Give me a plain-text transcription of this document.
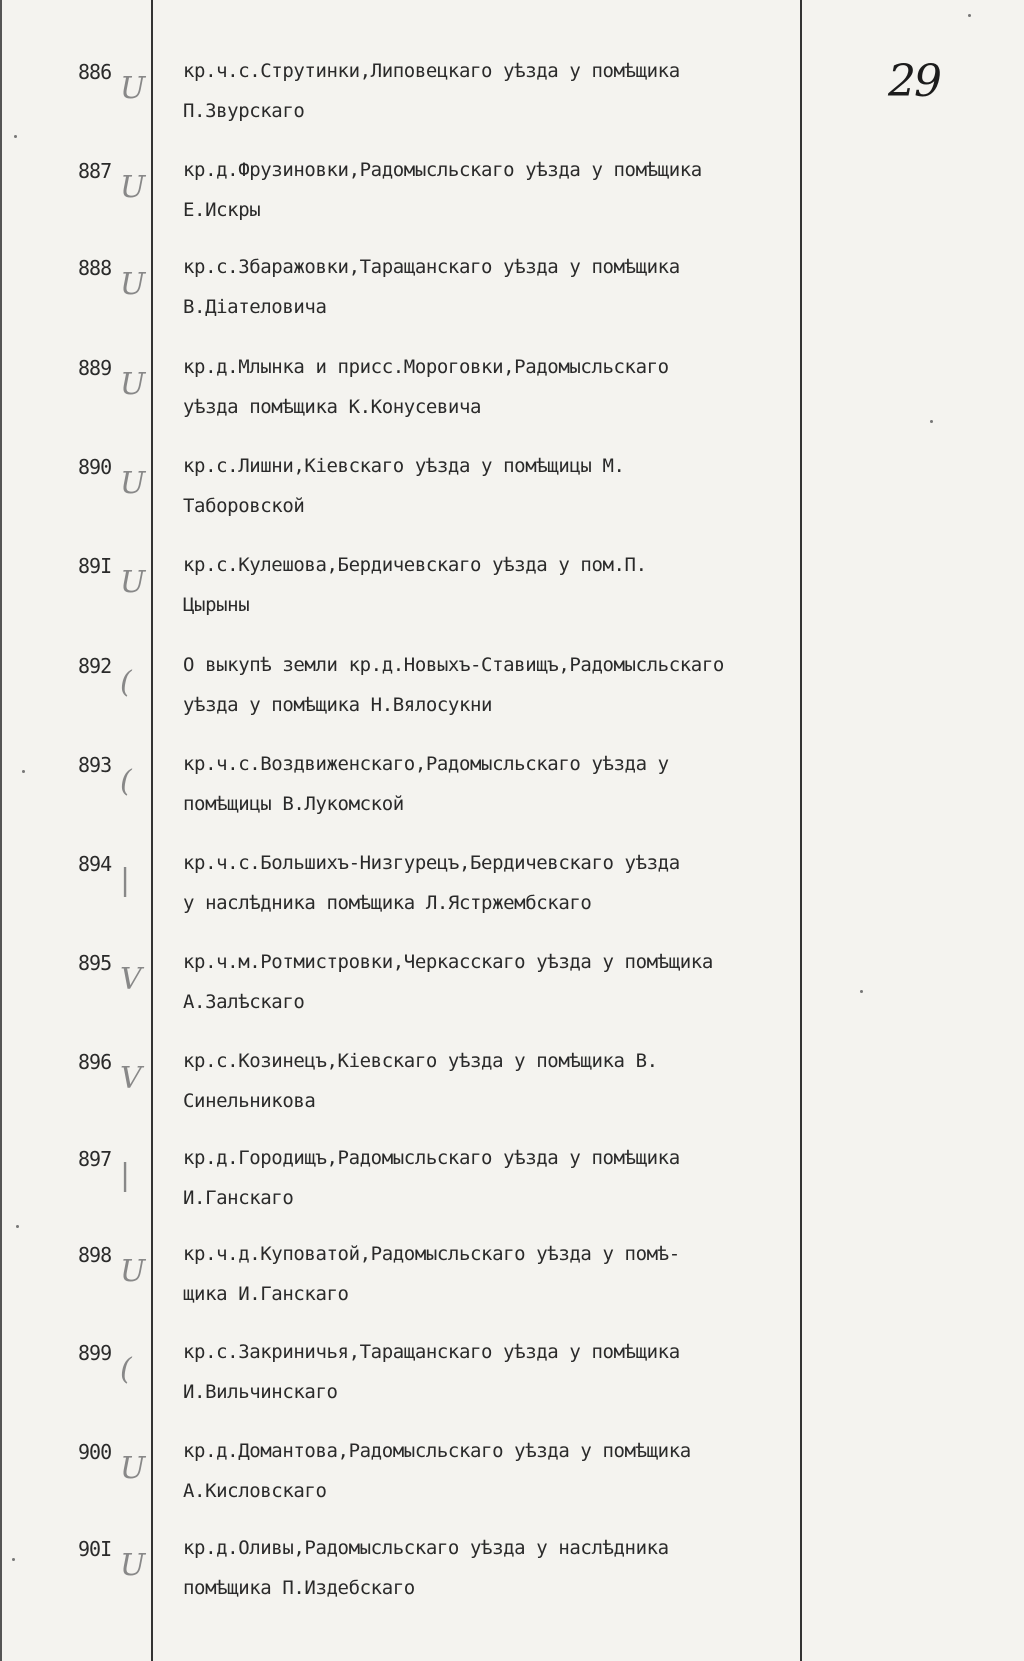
29
886 U кр.ч.с.Струтинки,Липовецкаго уѣзда у помѣщика
П.Звурскаго
887 U кр.д.Фрузиновки,Радомысльскаго уѣзда у помѣщика
Е.Искры
888 U кр.с.Збаражовки,Таращанскаго уѣзда у помѣщика
В.Діателовича
889 U кр.д.Млынка и присс.Мороговки,Радомысльскаго
уѣзда помѣщика К.Конусевича
890 U кр.с.Лишни,Кіевскаго уѣзда у помѣщицы М.
Таборовской
89I U кр.с.Кулешова,Бердичевскаго уѣзда у пом.П.
Цырыны
892 (	О выкупѣ земли кр.д.Новыхъ-Ставищъ,Радомысльскаго
уѣзда у помѣщика Н.Вялосукни
893 (	кр.ч.с.Воздвиженскаго,Радомысльскаго уѣзда у
помѣщицы В.Лукомской
894 |	кр.ч.с.Большихъ-Низгурецъ,Бердичевскаго уѣзда
у наслѣдника помѣщика Л.Ястржембскаго
895 V кр.ч.м.Ротмистровки,Черкасскаго уѣзда у помѣщика
А.Залѣскаго
896 V кр.с.Козинецъ,Кіевскаго уѣзда у помѣщика В.
Синельникова
897 |	кр.д.Городищъ,Радомысльскаго уѣзда у помѣщика
И.Ганскаго
898 U кр.ч.д.Куповатой,Радомысльскаго уѣзда у помѣ-
щика И.Ганскаго
899 (	кр.с.Закриничья,Таращанскаго уѣзда у помѣщика
И.Вильчинскаго
900 U кр.д.Домантова,Радомысльскаго уѣзда у помѣщика
А.Кисловскаго
90I U кр.д.Оливы,Радомысльскаго уѣзда у наслѣдника
помѣщика П.Издебскаго
